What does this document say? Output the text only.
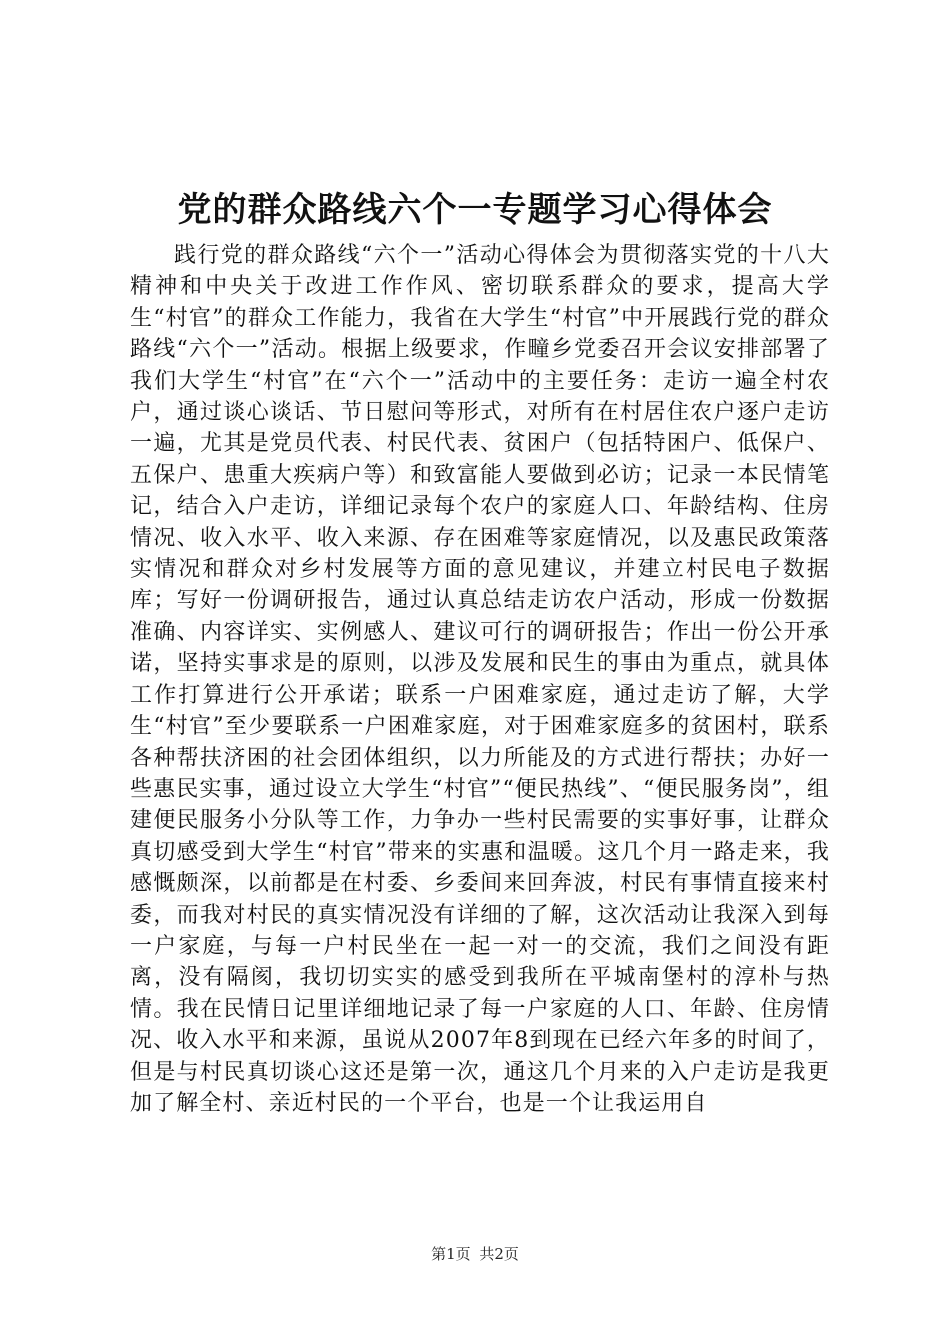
党的群众路线六个一专题学习心得体会

践行党的群众路线“六个一”活动心得体会为贯彻落实党的十八大精神和中央关于改进工作作风、密切联系群众的要求，提高大学生“村官”的群众工作能力，我省在大学生“村官”中开展践行党的群众路线“六个一”活动。根据上级要求，作疃乡党委召开会议安排部署了我们大学生“村官”在“六个一”活动中的主要任务：走访一遍全村农户，通过谈心谈话、节日慰问等形式，对所有在村居住农户逐户走访一遍，尤其是党员代表、村民代表、贫困户（包括特困户、低保户、五保户、患重大疾病户等）和致富能人要做到必访；记录一本民情笔记，结合入户走访，详细记录每个农户的家庭人口、年龄结构、住房情况、收入水平、收入来源、存在困难等家庭情况，以及惠民政策落实情况和群众对乡村发展等方面的意见建议，并建立村民电子数据库；写好一份调研报告，通过认真总结走访农户活动，形成一份数据准确、内容详实、实例感人、建议可行的调研报告；作出一份公开承诺，坚持实事求是的原则，以涉及发展和民生的事由为重点，就具体工作打算进行公开承诺；联系一户困难家庭，通过走访了解，大学生“村官”至少要联系一户困难家庭，对于困难家庭多的贫困村，联系各种帮扶济困的社会团体组织，以力所能及的方式进行帮扶；办好一些惠民实事，通过设立大学生“村官”“便民热线”、“便民服务岗”，组建便民服务小分队等工作，力争办一些村民需要的实事好事，让群众真切感受到大学生“村官”带来的实惠和温暖。这几个月一路走来，我感慨颇深，以前都是在村委、乡委间来回奔波，村民有事情直接来村委，而我对村民的真实情况没有详细的了解，这次活动让我深入到每一户家庭，与每一户村民坐在一起一对一的交流，我们之间没有距离，没有隔阂，我切切实实的感受到我所在平城南堡村的淳朴与热情。我在民情日记里详细地记录了每一户家庭的人口、年龄、住房情况、收入水平和来源，虽说从2007年8到现在已经六年多的时间了，但是与村民真切谈心这还是第一次，通这几个月来的入户走访是我更加了解全村、亲近村民的一个平台，也是一个让我运用自

第1页 共2页
